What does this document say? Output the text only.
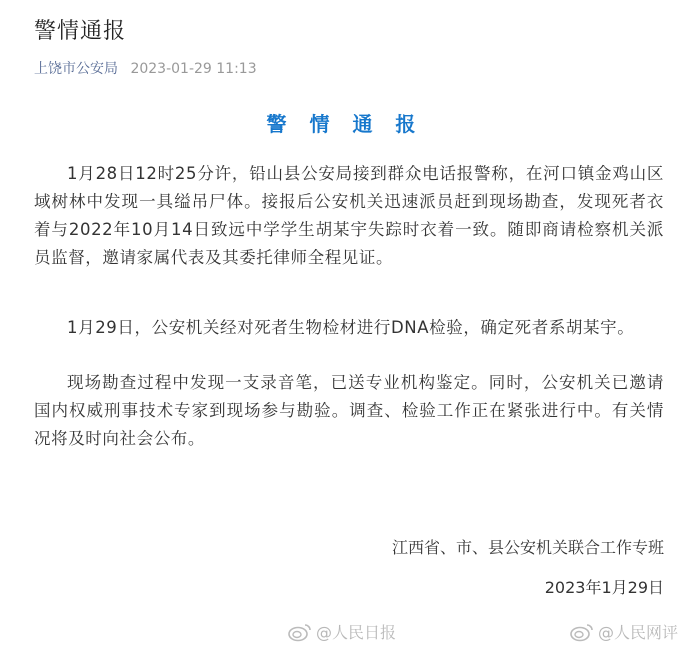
警情通报
上饶市公安局 2023-01-29 11:13
警 情 通 报
1月28日12时25分许，铅山县公安局接到群众电话报警称，在河口镇金鸡山区域树林中发现一具缢吊尸体。接报后公安机关迅速派员赶到现场勘查，发现死者衣着与2022年10月14日致远中学学生胡某宇失踪时衣着一致。随即商请检察机关派员监督，邀请家属代表及其委托律师全程见证。
1月29日，公安机关经对死者生物检材进行DNA检验，确定死者系胡某宇。
现场勘查过程中发现一支录音笔，已送专业机构鉴定。同时，公安机关已邀请国内权威刑事技术专家到现场参与勘验。调查、检验工作正在紧张进行中。有关情况将及时向社会公布。
江西省、市、县公安机关联合工作专班
2023年1月29日
@人民日报	@人民网评
